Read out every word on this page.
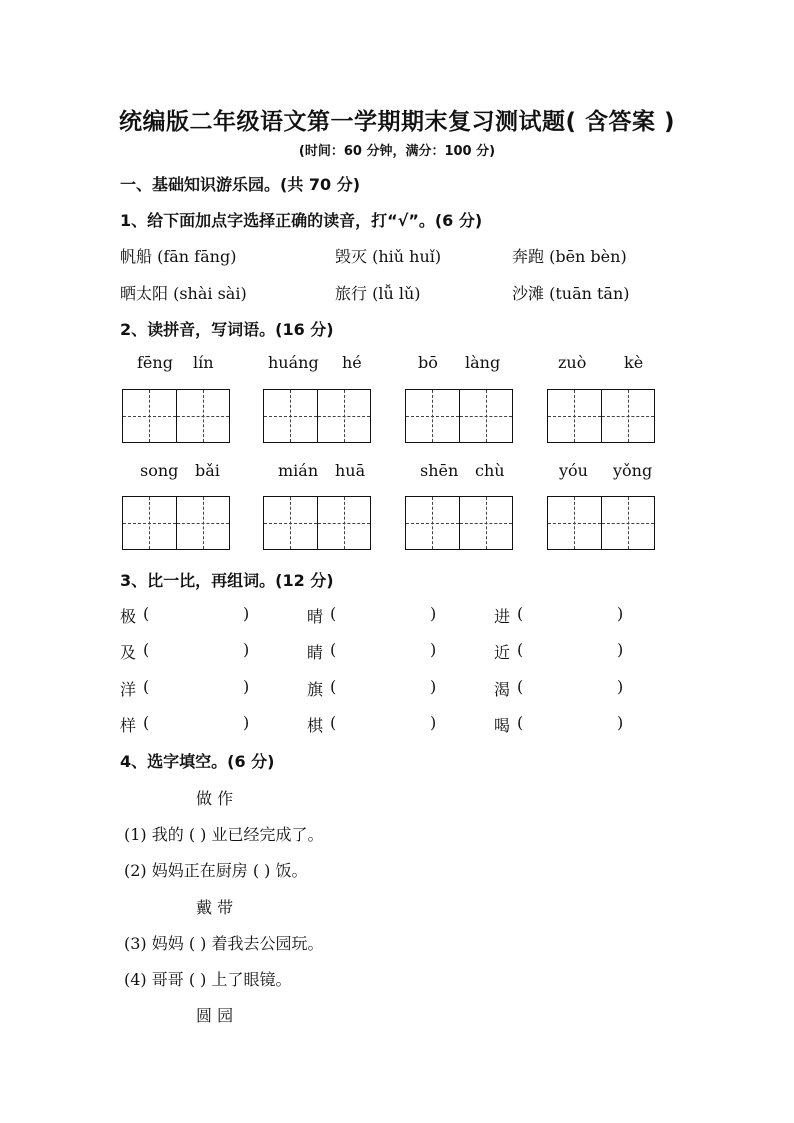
统编版二年级语文第一学期期末复习测试题( 含答案 )
(时间：60 分钟，满分：100 分)
一、基础知识游乐园。(共 70 分)
1、给下面加点字选择正确的读音，打“√”。(6 分)
帆船 (fān fāng)	毁灭 (hiǔ huǐ)	奔跑 (bēn bèn)
晒太阳 (shài sài)	旅行 (lǚ lǔ)	沙滩 (tuān tān)
2、读拼音，写词语。(16 分)
fēng lín	huáng hé	bō làng	zuò kè
song bǎi	mián huā	shēn chù	yóu yǒng
3、比一比，再组词。(12 分)
极 (	)	晴 (	)	进 (	)
及 (	)	睛 (	)	近 (	)
洋 (	)	旗 (	)	渴 (	)
样 (	)	棋 (	)	喝 (	)
4、选字填空。(6 分)
做 作
(1) 我的 ( ) 业已经完成了。
(2) 妈妈正在厨房 ( ) 饭。
戴 带
(3) 妈妈 ( ) 着我去公园玩。
(4) 哥哥 ( ) 上了眼镜。
圆 园
